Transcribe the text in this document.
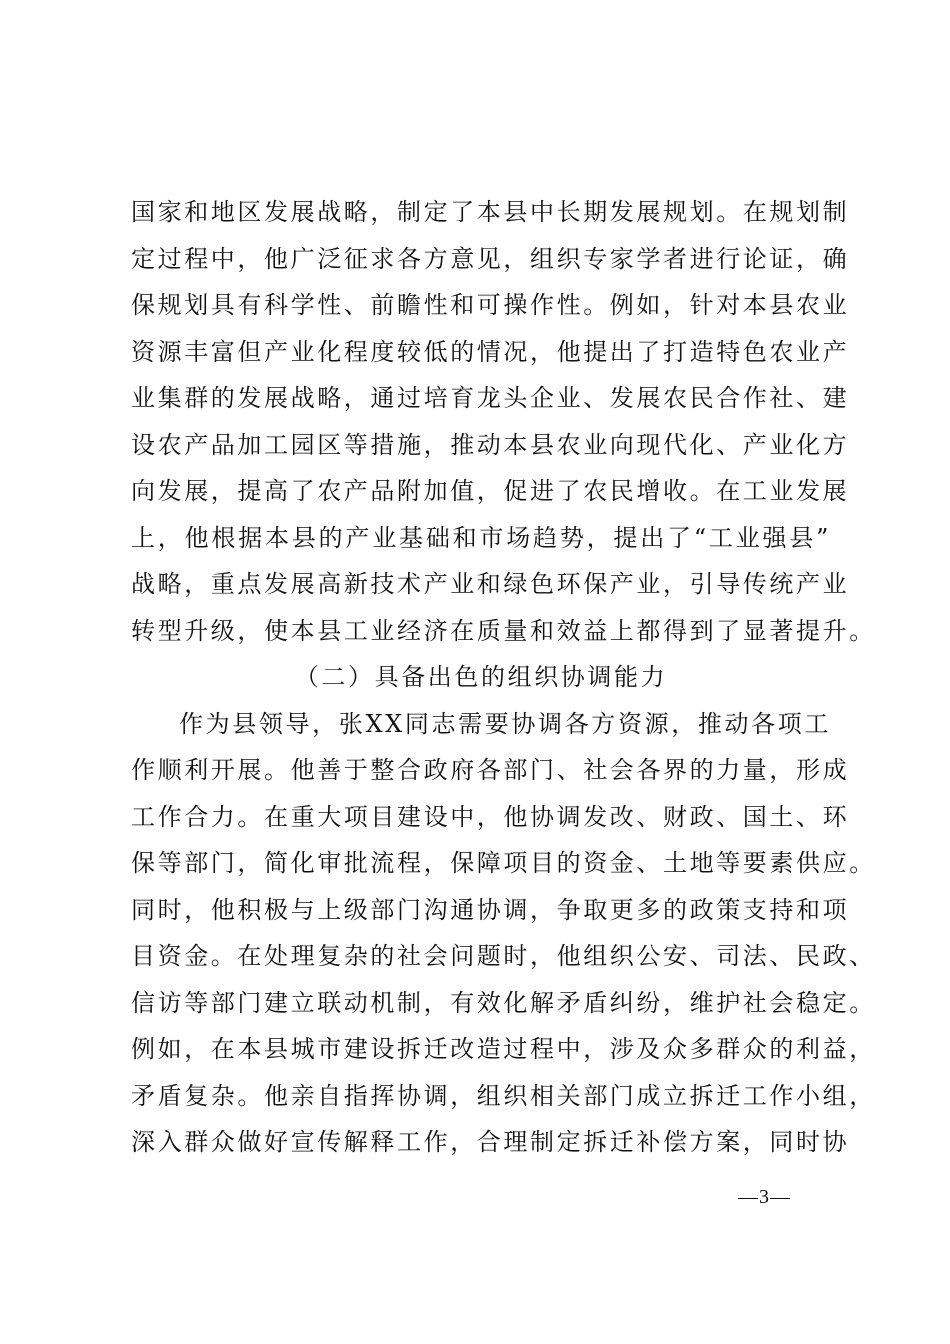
国家和地区发展战略，制定了本县中长期发展规划。在规划制
定过程中，他广泛征求各方意见，组织专家学者进行论证，确
保规划具有科学性、前瞻性和可操作性。例如，针对本县农业
资源丰富但产业化程度较低的情况，他提出了打造特色农业产
业集群的发展战略，通过培育龙头企业、发展农民合作社、建
设农产品加工园区等措施，推动本县农业向现代化、产业化方
向发展，提高了农产品附加值，促进了农民增收。在工业发展
上，他根据本县的产业基础和市场趋势，提出了“工业强县”
战略，重点发展高新技术产业和绿色环保产业，引导传统产业
转型升级，使本县工业经济在质量和效益上都得到了显著提升。
（二）具备出色的组织协调能力
作为县领导，张XX同志需要协调各方资源，推动各项工
作顺利开展。他善于整合政府各部门、社会各界的力量，形成
工作合力。在重大项目建设中，他协调发改、财政、国土、环
保等部门，简化审批流程，保障项目的资金、土地等要素供应。
同时，他积极与上级部门沟通协调，争取更多的政策支持和项
目资金。在处理复杂的社会问题时，他组织公安、司法、民政、
信访等部门建立联动机制，有效化解矛盾纠纷，维护社会稳定。
例如，在本县城市建设拆迁改造过程中，涉及众多群众的利益，
矛盾复杂。他亲自指挥协调，组织相关部门成立拆迁工作小组，
深入群众做好宣传解释工作，合理制定拆迁补偿方案，同时协
—3—
